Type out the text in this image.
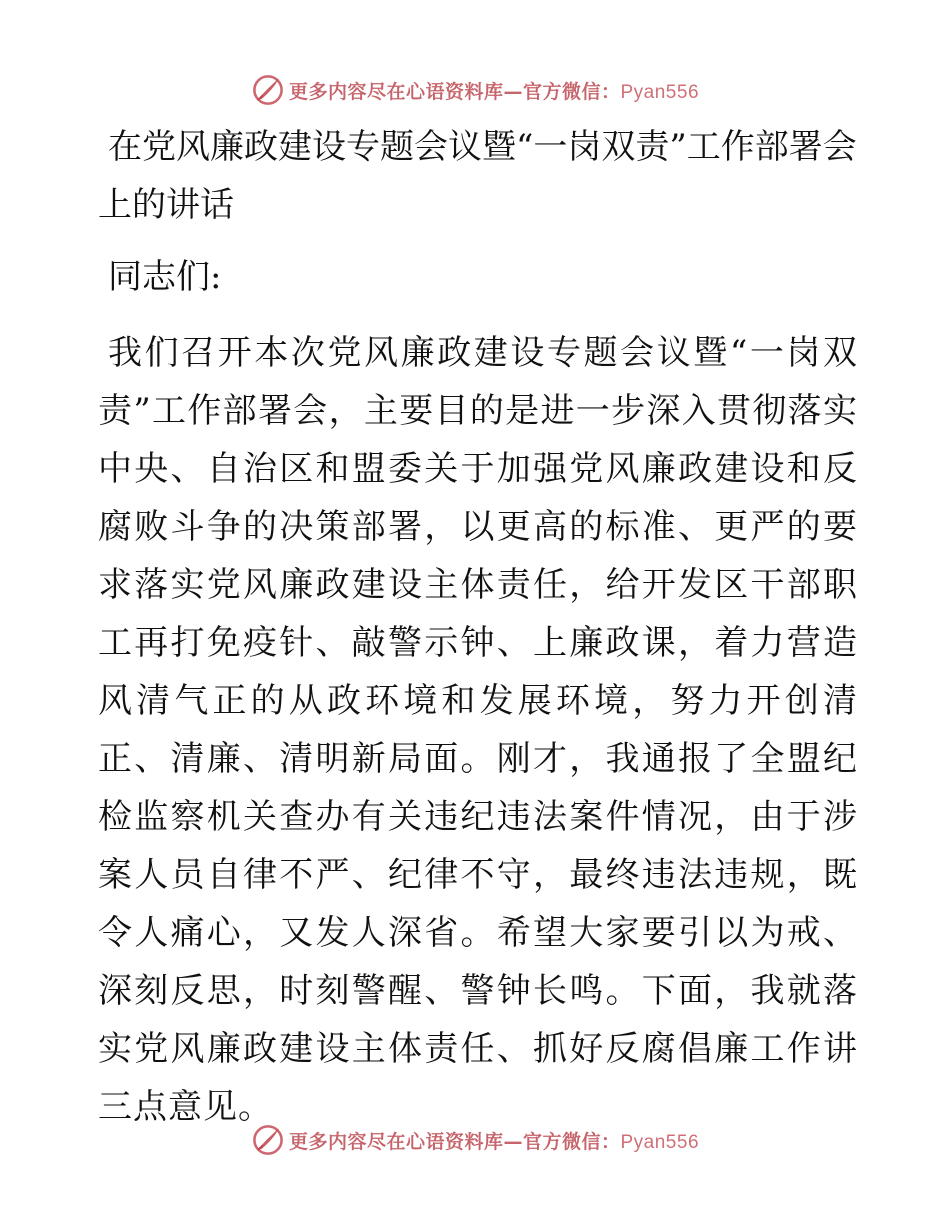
更多内容尽在心语资料库—官方微信：Pyan556
在党风廉政建设专题会议暨“一岗双责”工作部署会上的讲话

同志们:

我们召开本次党风廉政建设专题会议暨“一岗双责”工作部署会，主要目的是进一步深入贯彻落实中央、自治区和盟委关于加强党风廉政建设和反腐败斗争的决策部署，以更高的标准、更严的要求落实党风廉政建设主体责任，给开发区干部职工再打免疫针、敲警示钟、上廉政课，着力营造风清气正的从政环境和发展环境，努力开创清正、清廉、清明新局面。刚才，我通报了全盟纪检监察机关查办有关违纪违法案件情况，由于涉案人员自律不严、纪律不守，最终违法违规，既令人痛心，又发人深省。希望大家要引以为戒、深刻反思，时刻警醒、警钟长鸣。下面，我就落实党风廉政建设主体责任、抓好反腐倡廉工作讲三点意见。

更多内容尽在心语资料库—官方微信：Pyan556
